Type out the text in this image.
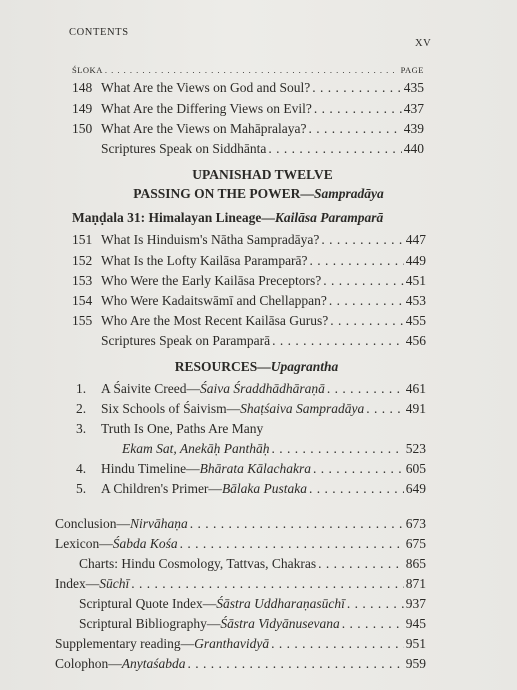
CONTENTS
XV
ŚLOKA . . .	PAGE
148 What Are the Views on God and Soul? . . .	435
149 What Are the Differing Views on Evil? . . .	437
150 What Are the Views on Mahāpralaya? . . .	439
Scriptures Speak on Siddhānta . . .	440
UPANISHAD TWELVE
PASSING ON THE POWER—Sampradāya
Maṇḍala 31: Himalayan Lineage—Kailāsa Paramparā
151 What Is Hinduism's Nātha Sampradāya? . . .	447
152 What Is the Lofty Kailāsa Paramparā? . . .	449
153 Who Were the Early Kailāsa Preceptors? . . .	451
154 Who Were Kadaitswāmī and Chellappan? . . .	453
155 Who Are the Most Recent Kailāsa Gurus? . . .	455
Scriptures Speak on Paramparā . . .	456
RESOURCES—Upagrantha
1.	A Śaivite Creed—Śaiva Śraddhādhāraṇā . . .	461
2.	Six Schools of Śaivism—Shaṭśaiva Sampradāya . . .	491
3.	Truth Is One, Paths Are Many
Ekam Sat, Anekāḥ Panthāḥ . . .	523
4.	Hindu Timeline—Bhārata Kālachakra . . .	605
5.	A Children's Primer—Bālaka Pustaka . . .	649
Conclusion—Nirvāhaṇa . . .	673
Lexicon—Śabda Kośa . . .	675
Charts: Hindu Cosmology, Tattvas, Chakras . . .	865
Index—Sūchī . . .	871
Scriptural Quote Index—Śāstra Uddharaṇasūchī . . .	937
Scriptural Bibliography—Śāstra Vidyānusevana . . .	945
Supplementary reading—Granthavidyā . . .	951
Colophon—Anytaśabda . . .	959
